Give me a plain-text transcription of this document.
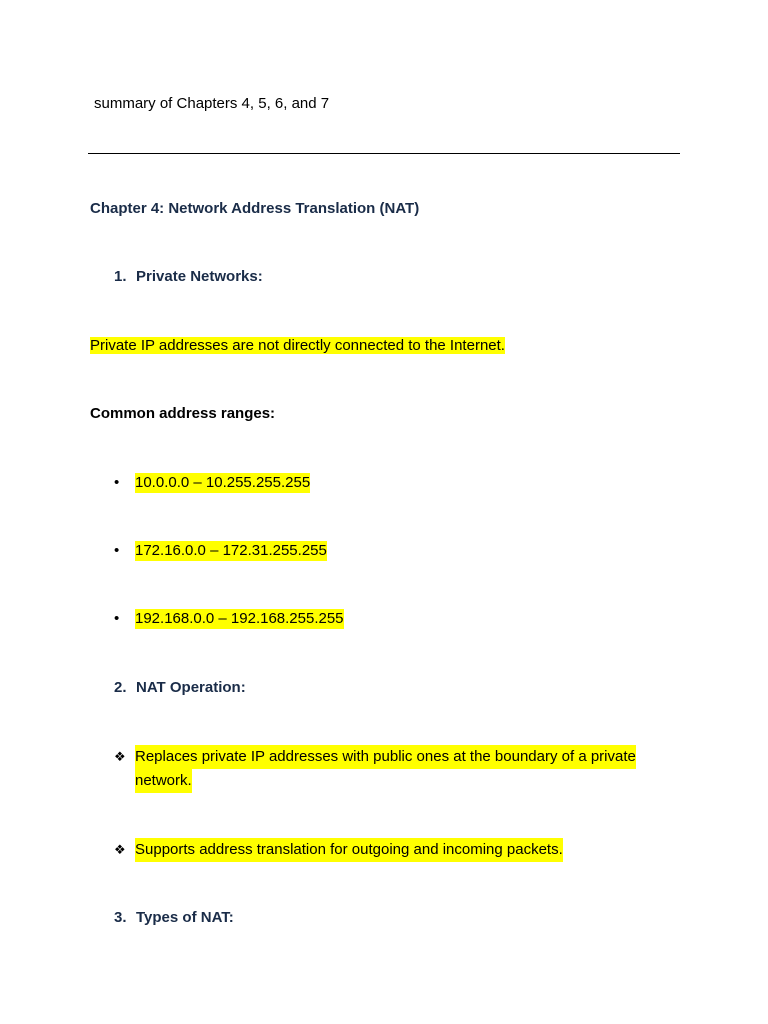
summary of Chapters 4, 5, 6, and 7
Chapter 4: Network Address Translation (NAT)
1. Private Networks:
Private IP addresses are not directly connected to the Internet.
Common address ranges:
• 10.0.0.0 – 10.255.255.255
• 172.16.0.0 – 172.31.255.255
• 192.168.0.0 – 192.168.255.255
2. NAT Operation:
❖ Replaces private IP addresses with public ones at the boundary of a private
network.
❖ Supports address translation for outgoing and incoming packets.
3. Types of NAT:
